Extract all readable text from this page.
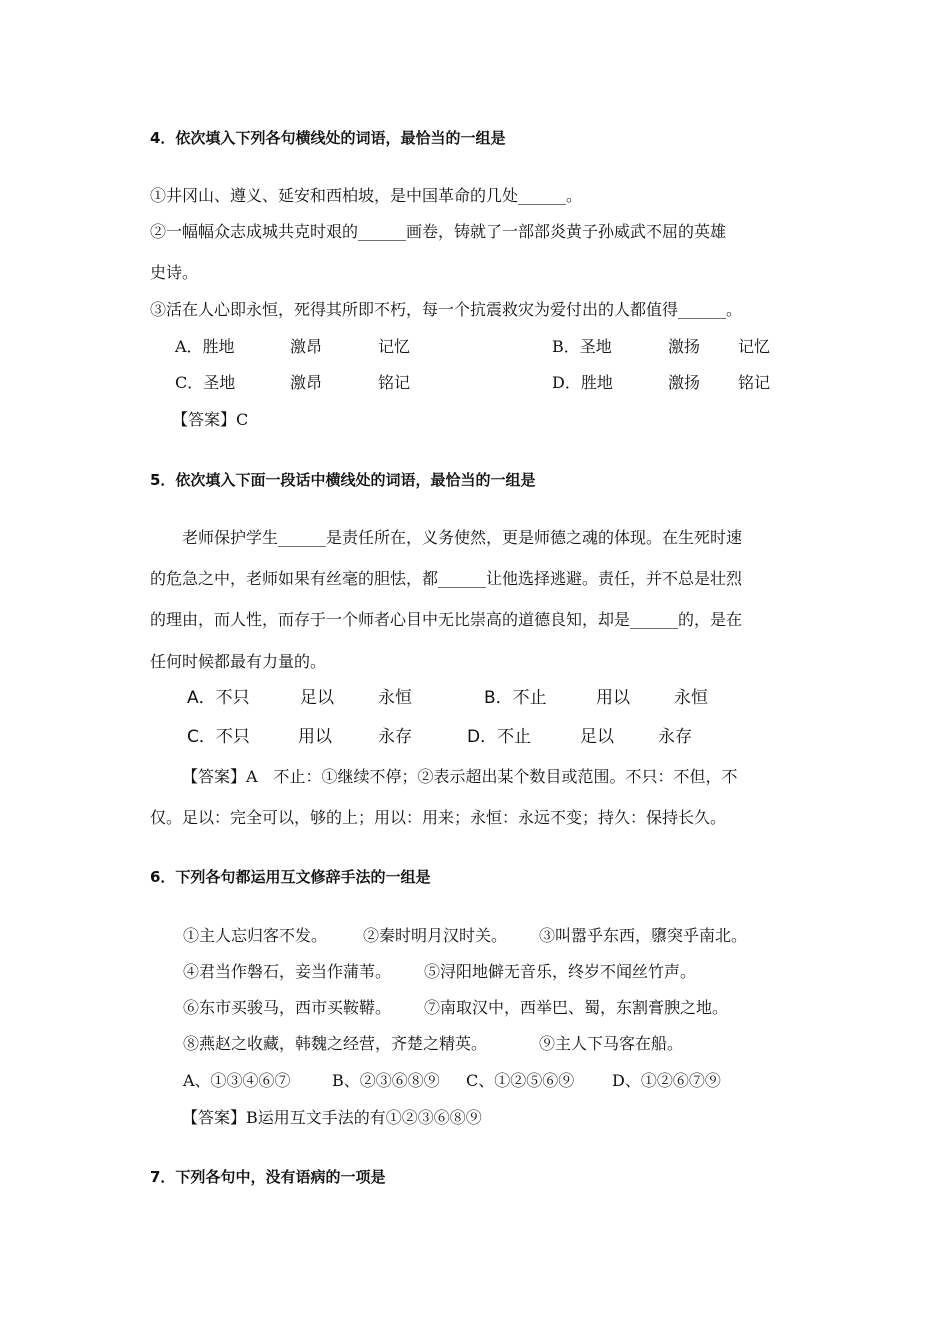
4．依次填入下列各句横线处的词语，最恰当的一组是
①井冈山、遵义、延安和西柏坡，是中国革命的几处______。
②一幅幅众志成城共克时艰的______画卷，铸就了一部部炎黄子孙威武不屈的英雄
史诗。
③活在人心即永恒，死得其所即不朽，每一个抗震救灾为爱付出的人都值得______。
A．胜地	激昂	记忆	B．圣地	激扬 记忆
C．圣地	激昂	铭记	D．胜地	激扬 铭记
【答案】C
5．依次填入下面一段话中横线处的词语，最恰当的一组是
老师保护学生______是责任所在，义务使然，更是师德之魂的体现。在生死时速
的危急之中，老师如果有丝毫的胆怯，都______让他选择逃避。责任，并不总是壮烈
的理由，而人性，而存于一个师者心目中无比崇高的道德良知，却是______的，是在
任何时候都最有力量的。
A．不只	足以	永恒	B．不止	用以	永恒
C．不只	用以	永存	D．不止	足以	永存
【答案】A　不止：①继续不停；②表示超出某个数目或范围。不只：不但，不
仅。足以：完全可以，够的上；用以：用来；永恒：永远不变；持久：保持长久。
6．下列各句都运用互文修辞手法的一组是
①主人忘归客不发。 ②秦时明月汉时关。 ③叫嚣乎东西，隳突乎南北。
④君当作磐石，妾当作蒲苇。 ⑤浔阳地僻无音乐，终岁不闻丝竹声。
⑥东市买骏马，西市买鞍鞯。 ⑦南取汉中，西举巴、蜀，东割膏腴之地。
⑧燕赵之收藏，韩魏之经营，齐楚之精英。	⑨主人下马客在船。
A、①③④⑥⑦	B、②③⑥⑧⑨ C、①②⑤⑥⑨ D、①②⑥⑦⑨
【答案】B运用互文手法的有①②③⑥⑧⑨
7．下列各句中，没有语病的一项是
